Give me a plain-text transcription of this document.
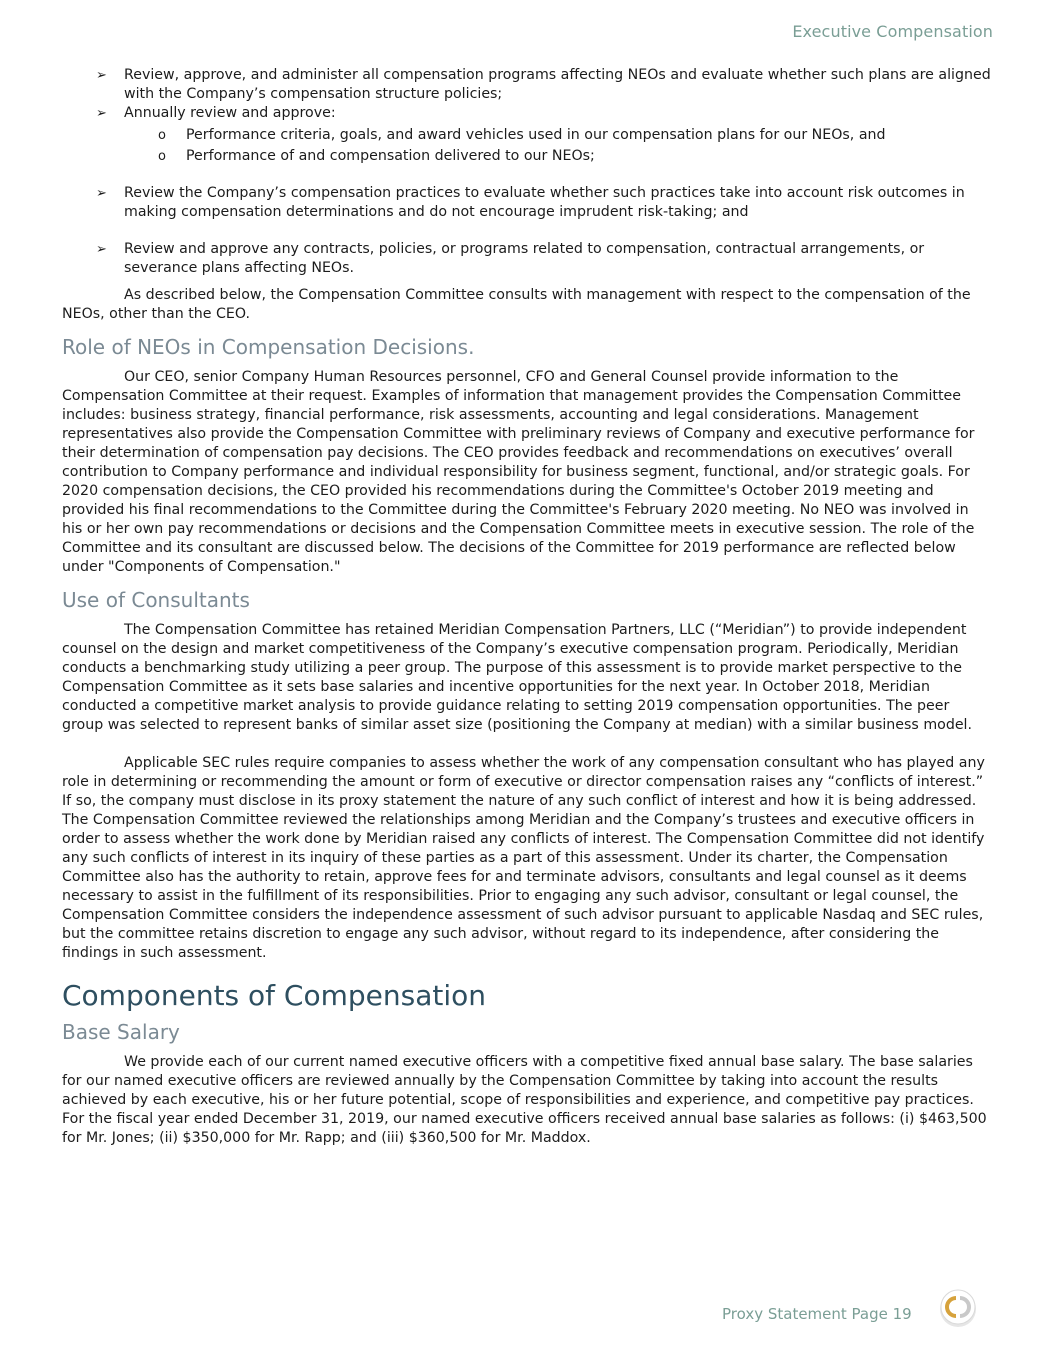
Executive Compensation
➢ Review, approve, and administer all compensation programs affecting NEOs and evaluate whether such plans are aligned with the Company’s compensation structure policies;
➢ Annually review and approve:
o Performance criteria, goals, and award vehicles used in our compensation plans for our NEOs, and
o Performance of and compensation delivered to our NEOs;
➢ Review the Company’s compensation practices to evaluate whether such practices take into account risk outcomes in making compensation determinations and do not encourage imprudent risk-taking; and
➢ Review and approve any contracts, policies, or programs related to compensation, contractual arrangements, or severance plans affecting NEOs.

As described below, the Compensation Committee consults with management with respect to the compensation of the NEOs, other than the CEO.

Role of NEOs in Compensation Decisions.

Our CEO, senior Company Human Resources personnel, CFO and General Counsel provide information to the Compensation Committee at their request. Examples of information that management provides the Compensation Committee includes: business strategy, financial performance, risk assessments, accounting and legal considerations. Management representatives also provide the Compensation Committee with preliminary reviews of Company and executive performance for their determination of compensation pay decisions. The CEO provides feedback and recommendations on executives’ overall contribution to Company performance and individual responsibility for business segment, functional, and/or strategic goals. For 2020 compensation decisions, the CEO provided his recommendations during the Committee's October 2019 meeting and provided his final recommendations to the Committee during the Committee's February 2020 meeting. No NEO was involved in his or her own pay recommendations or decisions and the Compensation Committee meets in executive session. The role of the Committee and its consultant are discussed below. The decisions of the Committee for 2019 performance are reflected below under "Components of Compensation."

Use of Consultants

The Compensation Committee has retained Meridian Compensation Partners, LLC (“Meridian”) to provide independent counsel on the design and market competitiveness of the Company’s executive compensation program. Periodically, Meridian conducts a benchmarking study utilizing a peer group. The purpose of this assessment is to provide market perspective to the Compensation Committee as it sets base salaries and incentive opportunities for the next year. In October 2018, Meridian conducted a competitive market analysis to provide guidance relating to setting 2019 compensation opportunities. The peer group was selected to represent banks of similar asset size (positioning the Company at median) with a similar business model.

Applicable SEC rules require companies to assess whether the work of any compensation consultant who has played any role in determining or recommending the amount or form of executive or director compensation raises any “conflicts of interest.” If so, the company must disclose in its proxy statement the nature of any such conflict of interest and how it is being addressed. The Compensation Committee reviewed the relationships among Meridian and the Company’s trustees and executive officers in order to assess whether the work done by Meridian raised any conflicts of interest. The Compensation Committee did not identify any such conflicts of interest in its inquiry of these parties as a part of this assessment. Under its charter, the Compensation Committee also has the authority to retain, approve fees for and terminate advisors, consultants and legal counsel as it deems necessary to assist in the fulfillment of its responsibilities. Prior to engaging any such advisor, consultant or legal counsel, the Compensation Committee considers the independence assessment of such advisor pursuant to applicable Nasdaq and SEC rules, but the committee retains discretion to engage any such advisor, without regard to its independence, after considering the findings in such assessment.

Components of Compensation
Base Salary

We provide each of our current named executive officers with a competitive fixed annual base salary. The base salaries for our named executive officers are reviewed annually by the Compensation Committee by taking into account the results achieved by each executive, his or her future potential, scope of responsibilities and experience, and competitive pay practices. For the fiscal year ended December 31, 2019, our named executive officers received annual base salaries as follows: (i) $463,500 for Mr. Jones; (ii) $350,000 for Mr. Rapp; and (iii) $360,500 for Mr. Maddox.

Proxy Statement Page 19
